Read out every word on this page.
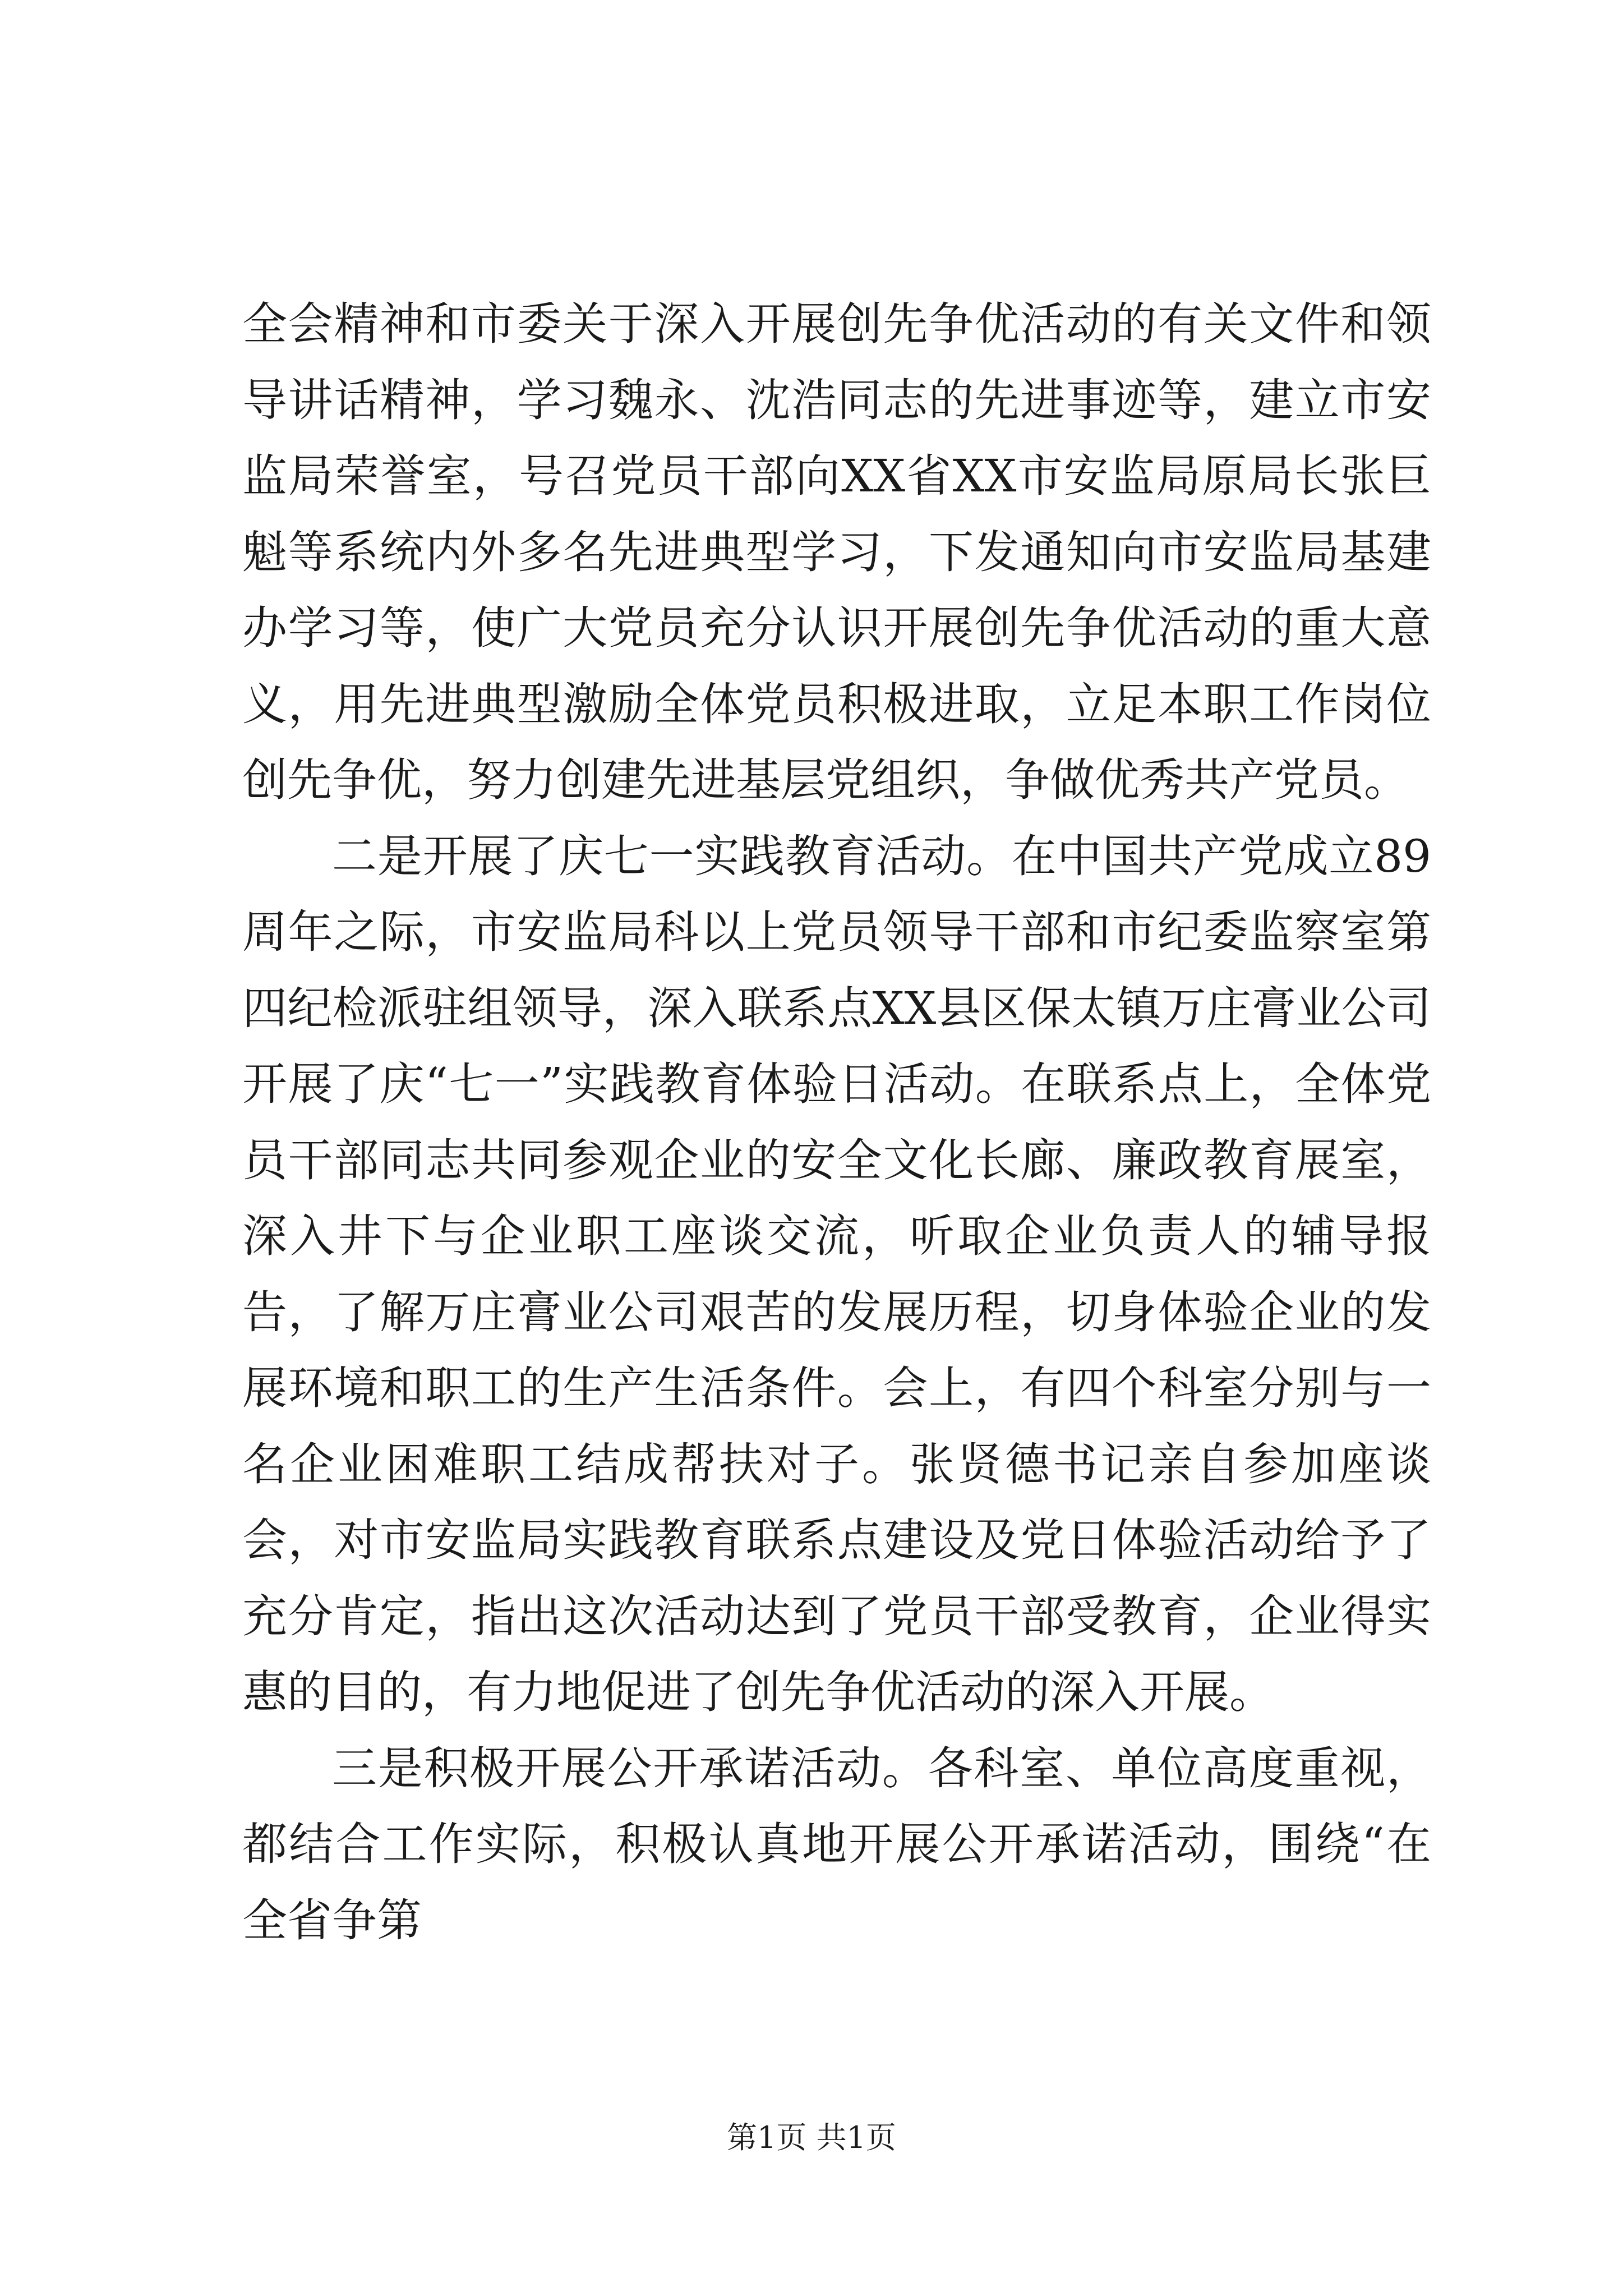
全会精神和市委关于深入开展创先争优活动的有关文件和领导讲话精神，学习魏永、沈浩同志的先进事迹等，建立市安监局荣誉室，号召党员干部向XX省XX市安监局原局长张巨魁等系统内外多名先进典型学习，下发通知向市安监局基建办学习等，使广大党员充分认识开展创先争优活动的重大意义，用先进典型激励全体党员积极进取，立足本职工作岗位创先争优，努力创建先进基层党组织，争做优秀共产党员。

二是开展了庆七一实践教育活动。在中国共产党成立89周年之际，市安监局科以上党员领导干部和市纪委监察室第四纪检派驻组领导，深入联系点XX县区保太镇万庄膏业公司开展了庆“七一”实践教育体验日活动。在联系点上，全体党员干部同志共同参观企业的安全文化长廊、廉政教育展室，深入井下与企业职工座谈交流，听取企业负责人的辅导报告，了解万庄膏业公司艰苦的发展历程，切身体验企业的发展环境和职工的生产生活条件。会上，有四个科室分别与一名企业困难职工结成帮扶对子。张贤德书记亲自参加座谈会，对市安监局实践教育联系点建设及党日体验活动给予了充分肯定，指出这次活动达到了党员干部受教育，企业得实惠的目的，有力地促进了创先争优活动的深入开展。

三是积极开展公开承诺活动。各科室、单位高度重视，都结合工作实际，积极认真地开展公开承诺活动，围绕“在全省争第

第1页 共1页
